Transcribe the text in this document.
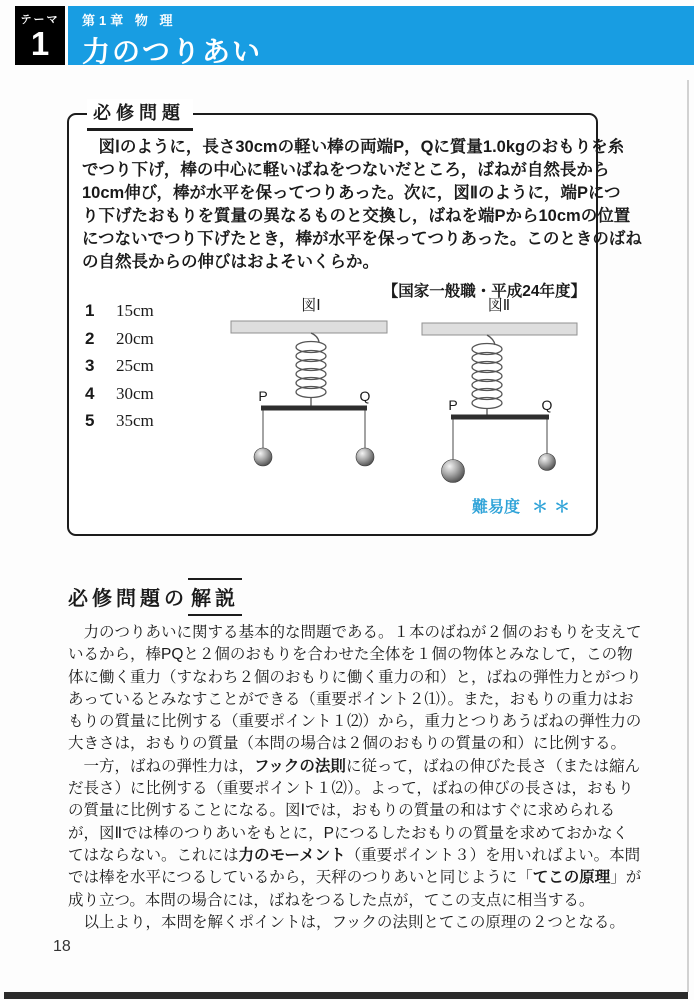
テーマ
1
第1章 物 理
力のつりあい
必修問題
　図Ⅰのように，長さ30cmの軽い棒の両端P，Qに質量1.0kgのおもりを糸
でつり下げ，棒の中心に軽いばねをつないだところ，ばねが自然長から
10cm伸び，棒が水平を保ってつりあった。次に，図Ⅱのように，端Pにつ
り下げたおもりを質量の異なるものと交換し，ばねを端Pから10cmの位置
につないでつり下げたとき，棒が水平を保ってつりあった。このときのばね
の自然長からの伸びはおよそいくらか。
【国家一般職・平成24年度】
1 15cm
2 20cm
3 25cm
4 30cm
5 35cm
図Ⅰ
P	Q
図Ⅱ
P	Q
難易度 ＊＊
必修問題の 解説
　力のつりあいに関する基本的な問題である。１本のばねが２個のおもりを支えて
いるから，棒PQと２個のおもりを合わせた全体を１個の物体とみなして，この物
体に働く重力（すなわち２個のおもりに働く重力の和）と，ばねの弾性力とがつり
あっているとみなすことができる（重要ポイント２⑴）。また，おもりの重力はお
もりの質量に比例する（重要ポイント１⑵）から，重力とつりあうばねの弾性力の
大きさは，おもりの質量（本問の場合は２個のおもりの質量の和）に比例する。
　一方，ばねの弾性力は，フックの法則に従って，ばねの伸びた長さ（または縮ん
だ長さ）に比例する（重要ポイント１⑵）。よって，ばねの伸びの長さは，おもり
の質量に比例することになる。図Ⅰでは，おもりの質量の和はすぐに求められる
が，図Ⅱでは棒のつりあいをもとに，Pにつるしたおもりの質量を求めておかなく
てはならない。これには力のモーメント（重要ポイント３）を用いればよい。本問
では棒を水平につるしているから，天秤のつりあいと同じように「てこの原理」が
成り立つ。本問の場合には，ばねをつるした点が，てこの支点に相当する。
　以上より，本問を解くポイントは，フックの法則とてこの原理の２つとなる。
18
